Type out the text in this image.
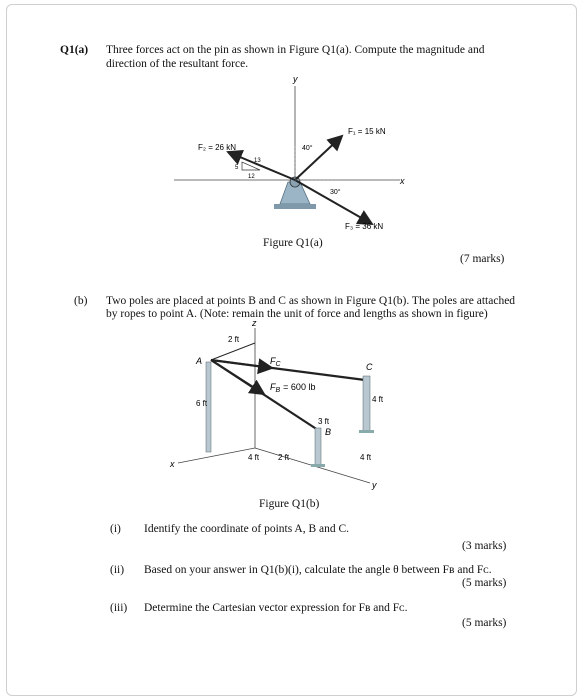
Q1(a) Three forces act on the pin as shown in Figure Q1(a). Compute the magnitude and
direction of the resultant force.
y
x
F₁ = 15 kN
40°
F₂ = 26 kN
13
12
5
30°
F₃ = 36 kN
Figure Q1(a)
(7 marks)
(b) Two poles are placed at points B and C as shown in Figure Q1(b). The poles are attached
by ropes to point A. (Note: remain the unit of force and lengths as shown in figure)
z
x
y
A
6 ft
$F_C$
$F_B = 600$ lb
2 ft
C
4 ft
B
3 ft
4 ft 2 ft	4 ft
Figure Q1(b)
(i) Identify the coordinate of points A, B and C.
(3 marks)
(ii) Based on your answer in Q1(b)(i), calculate the angle θ between Fʙ and Fᴄ.
(5 marks)
(iii) Determine the Cartesian vector expression for Fʙ and Fᴄ.
(5 marks)
